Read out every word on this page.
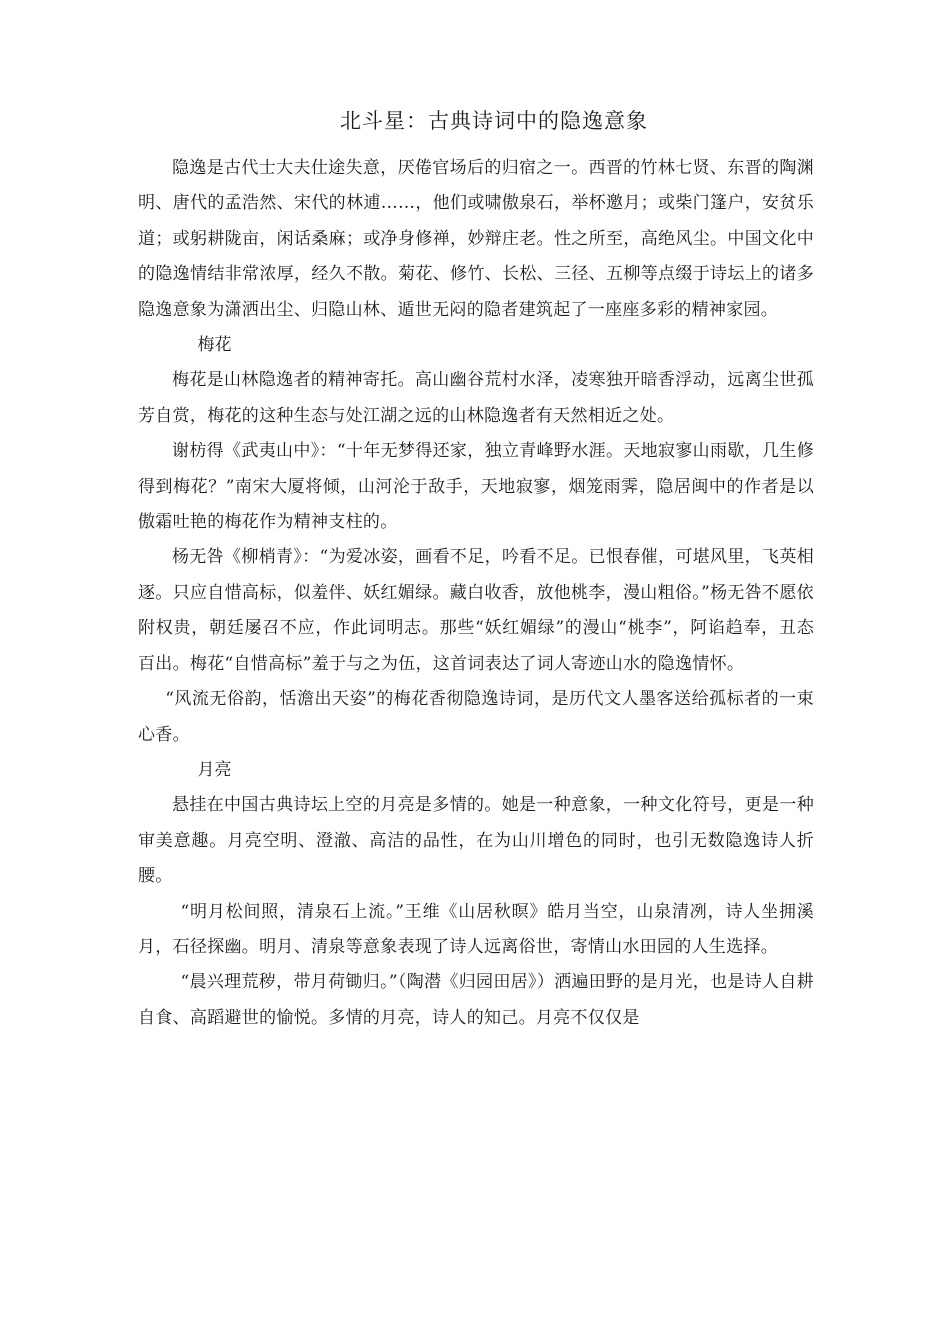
北斗星：古典诗词中的隐逸意象

隐逸是古代士大夫仕途失意，厌倦官场后的归宿之一。西晋的竹林七贤、东晋的陶渊明、唐代的孟浩然、宋代的林逋……，他们或啸傲泉石，举杯邀月；或柴门篷户，安贫乐道；或躬耕陇亩，闲话桑麻；或净身修禅，妙辩庄老。性之所至，高绝风尘。中国文化中的隐逸情结非常浓厚，经久不散。菊花、修竹、长松、三径、五柳等点缀于诗坛上的诸多隐逸意象为潇洒出尘、归隐山林、遁世无闷的隐者建筑起了一座座多彩的精神家园。

梅花

梅花是山林隐逸者的精神寄托。高山幽谷荒村水泽，凌寒独开暗香浮动，远离尘世孤芳自赏，梅花的这种生态与处江湖之远的山林隐逸者有天然相近之处。

谢枋得《武夷山中》：“十年无梦得还家，独立青峰野水涯。天地寂寥山雨歇，几生修得到梅花？”南宋大厦将倾，山河沦于敌手，天地寂寥，烟笼雨霁，隐居闽中的作者是以傲霜吐艳的梅花作为精神支柱的。

杨无咎《柳梢青》：“为爱冰姿，画看不足，吟看不足。已恨春催，可堪风里，飞英相逐。只应自惜高标，似羞伴、妖红媚绿。藏白收香，放他桃李，漫山粗俗。”杨无咎不愿依附权贵，朝廷屡召不应，作此词明志。那些“妖红媚绿”的漫山“桃李”，阿谄趋奉，丑态百出。梅花“自惜高标”羞于与之为伍，这首词表达了词人寄迹山水的隐逸情怀。

“风流无俗韵，恬澹出天姿”的梅花香彻隐逸诗词，是历代文人墨客送给孤标者的一束心香。

月亮

悬挂在中国古典诗坛上空的月亮是多情的。她是一种意象，一种文化符号，更是一种审美意趣。月亮空明、澄澈、高洁的品性，在为山川增色的同时，也引无数隐逸诗人折腰。

“明月松间照，清泉石上流。”王维《山居秋暝》皓月当空，山泉清冽，诗人坐拥溪月，石径探幽。明月、清泉等意象表现了诗人远离俗世，寄情山水田园的人生选择。

“晨兴理荒秽，带月荷锄归。”（陶潜《归园田居》）洒遍田野的是月光，也是诗人自耕自食、高蹈避世的愉悦。多情的月亮，诗人的知己。月亮不仅仅是
